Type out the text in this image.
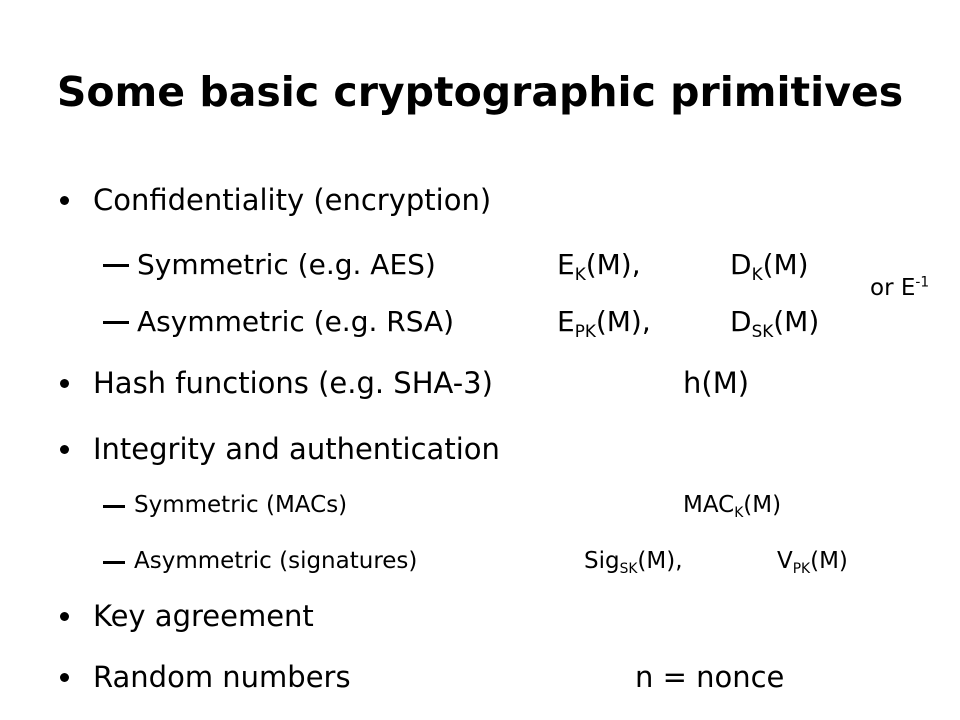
Some basic cryptographic primitives
Confidentiality (encryption)
Symmetric (e.g. AES)	$E_K(M)$,	$D_K(M)$
or $E^{-1}$
Asymmetric (e.g. RSA)	$E_{PK}(M)$,	$D_{SK}(M)$
Hash functions (e.g. SHA-3)	h(M)
Integrity and authentication
Symmetric (MACs)	$MAC_K(M)$
Asymmetric (signatures)	Sig$_{SK}$(M),	$V_{PK}(M)$
Key agreement
Random numbers	n = nonce
